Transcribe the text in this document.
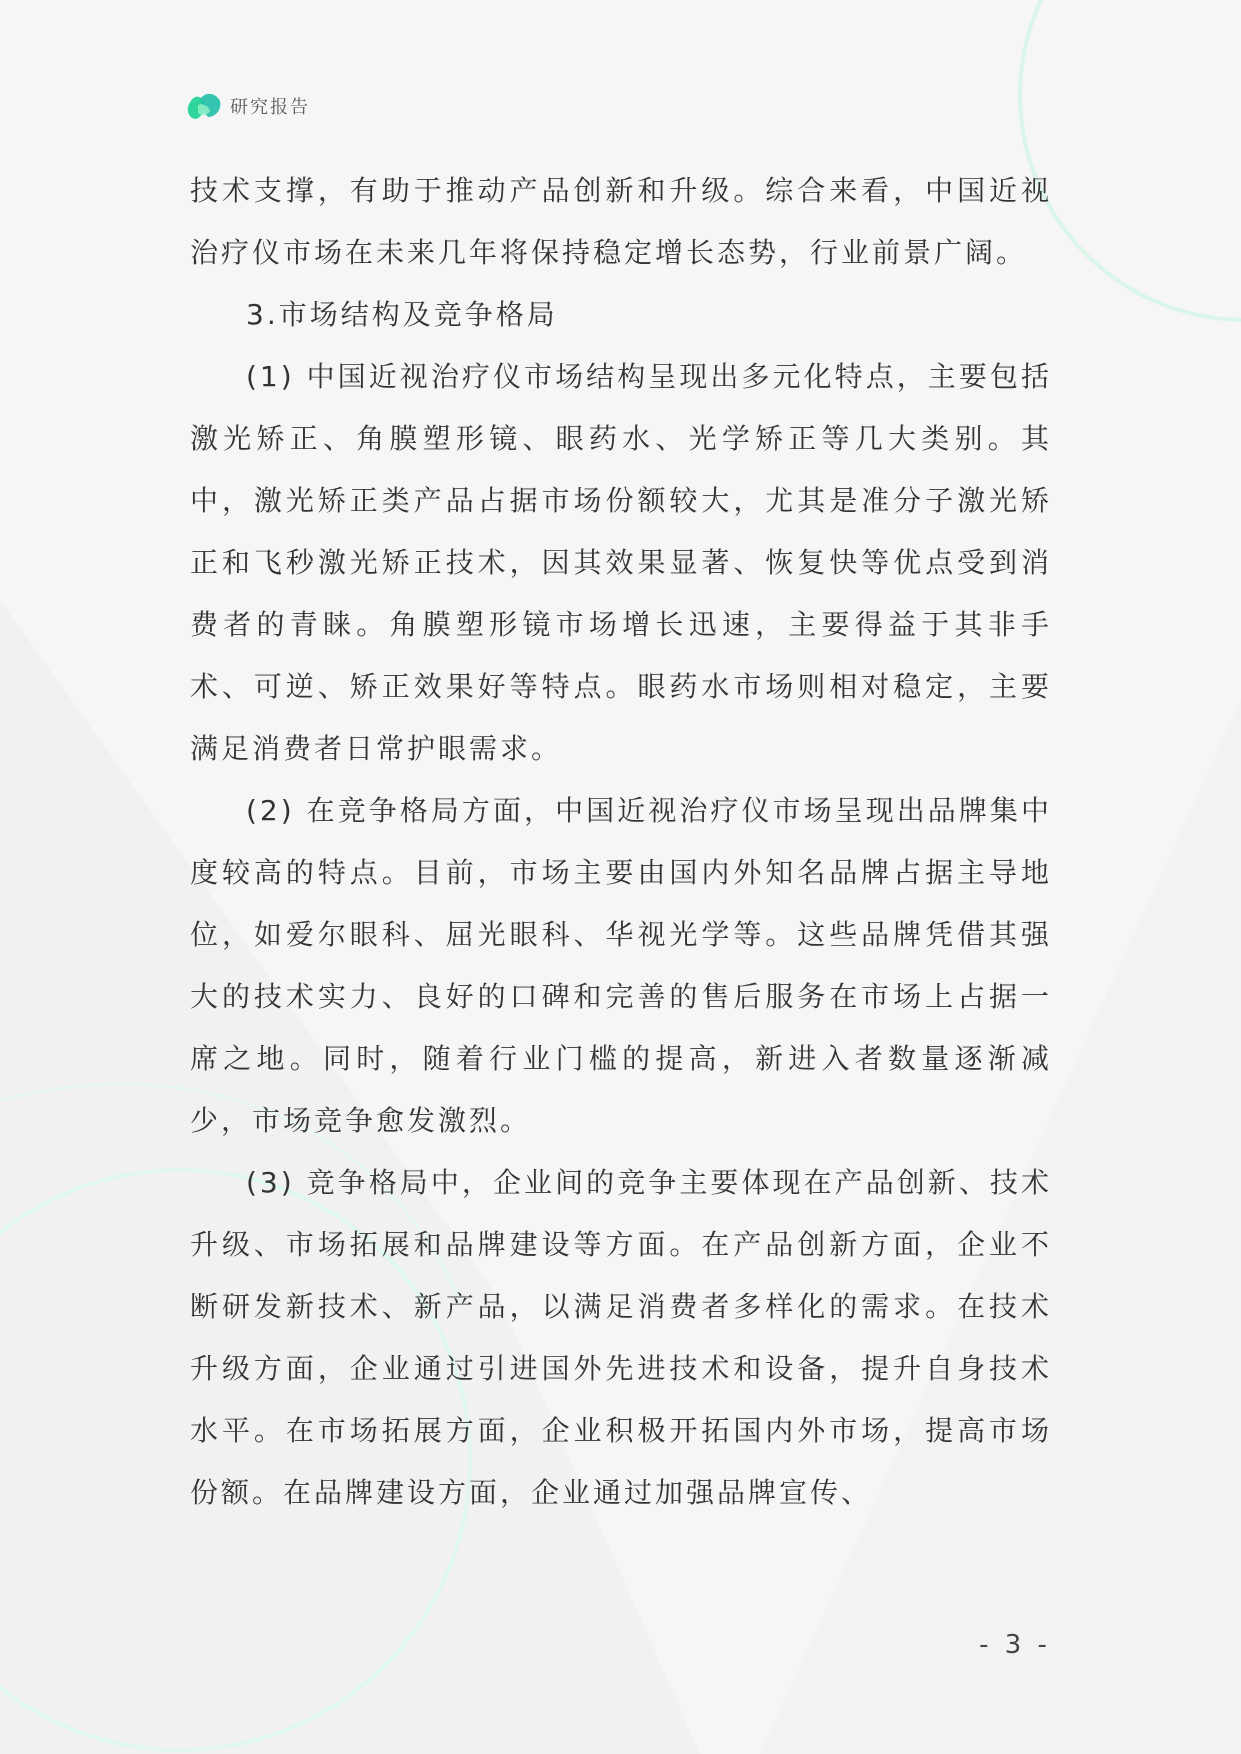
研究报告

技术支撑，有助于推动产品创新和升级。综合来看，中国近视治疗仪市场在未来几年将保持稳定增长态势，行业前景广阔。

3.市场结构及竞争格局

(1) 中国近视治疗仪市场结构呈现出多元化特点，主要包括激光矫正、角膜塑形镜、眼药水、光学矫正等几大类别。其中，激光矫正类产品占据市场份额较大，尤其是准分子激光矫正和飞秒激光矫正技术，因其效果显著、恢复快等优点受到消费者的青睐。角膜塑形镜市场增长迅速，主要得益于其非手术、可逆、矫正效果好等特点。眼药水市场则相对稳定，主要满足消费者日常护眼需求。

(2) 在竞争格局方面，中国近视治疗仪市场呈现出品牌集中度较高的特点。目前，市场主要由国内外知名品牌占据主导地位，如爱尔眼科、屈光眼科、华视光学等。这些品牌凭借其强大的技术实力、良好的口碑和完善的售后服务在市场上占据一席之地。同时，随着行业门槛的提高，新进入者数量逐渐减少，市场竞争愈发激烈。

(3) 竞争格局中，企业间的竞争主要体现在产品创新、技术升级、市场拓展和品牌建设等方面。在产品创新方面，企业不断研发新技术、新产品，以满足消费者多样化的需求。在技术升级方面，企业通过引进国外先进技术和设备，提升自身技术水平。在市场拓展方面，企业积极开拓国内外市场，提高市场份额。在品牌建设方面，企业通过加强品牌宣传、

- 3 -
